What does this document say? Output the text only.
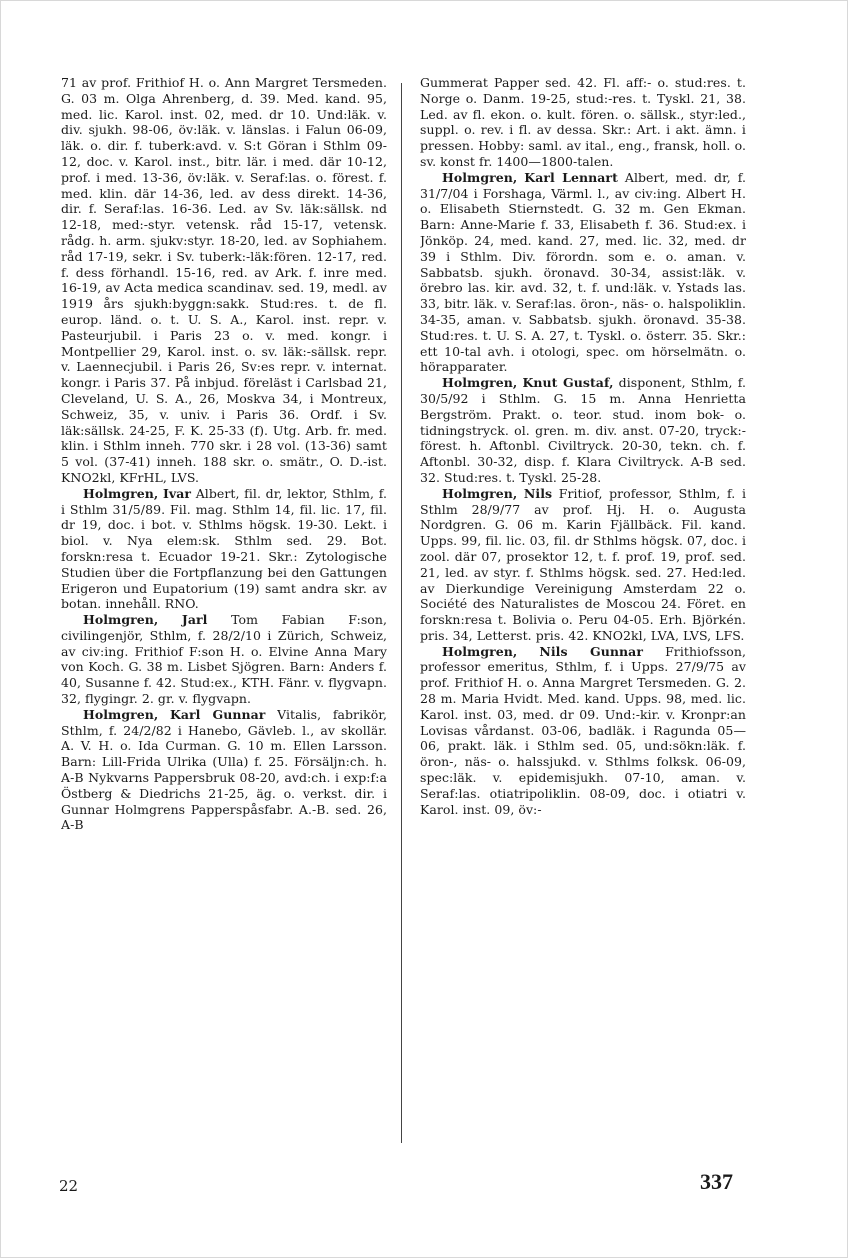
71 av prof. Frithiof H. o. Ann Margret Tersmeden. G. 03 m. Olga Ahrenberg, d. 39. Med. kand. 95, med. lic. Karol. inst. 02, med. dr 10. Und:läk. v. div. sjukh. 98-06, öv:läk. v. länslas. i Falun 06-09, läk. o. dir. f. tuberk:avd. v. S:t Göran i Sthlm 09-12, doc. v. Karol. inst., bitr. lär. i med. där 10-12, prof. i med. 13-36, öv:läk. v. Seraf:las. o. förest. f. med. klin. där 14-36, led. av dess direkt. 14-36, dir. f. Seraf:las. 16-36. Led. av Sv. läk:sällsk. nd 12-18, med:-styr. vetensk. råd 15-17, vetensk. rådg. h. arm. sjukv:styr. 18-20, led. av Sophiahem. råd 17-19, sekr. i Sv. tuberk:-läk:fören. 12-17, red. f. dess förhandl. 15-16, red. av Ark. f. inre med. 16-19, av Acta medica scandinav. sed. 19, medl. av 1919 års sjukh:byggn:sakk. Stud:res. t. de fl. europ. länd. o. t. U. S. A., Karol. inst. repr. v. Pasteurjubil. i Paris 23 o. v. med. kongr. i Montpellier 29, Karol. inst. o. sv. läk:-sällsk. repr. v. Laennecjubil. i Paris 26, Sv:es repr. v. internat. kongr. i Paris 37. På inbjud. föreläst i Carlsbad 21, Cleveland, U. S. A., 26, Moskva 34, i Montreux, Schweiz, 35, v. univ. i Paris 36. Ordf. i Sv. läk:sällsk. 24-25, F. K. 25-33 (f). Utg. Arb. fr. med. klin. i Sthlm inneh. 770 skr. i 28 vol. (13-36) samt 5 vol. (37-41) inneh. 188 skr. o. smätr., O. D.-ist. KNO2kl, KFrHL, LVS.

Holmgren, Ivar Albert, fil. dr, lektor, Sthlm, f. i Sthlm 31/5/89. Fil. mag. Sthlm 14, fil. lic. 17, fil. dr 19, doc. i bot. v. Sthlms högsk. 19-30. Lekt. i biol. v. Nya elem:sk. Sthlm sed. 29. Bot. forskn:resa t. Ecuador 19-21. Skr.: Zytologische Studien über die Fortpflanzung bei den Gattungen Erigeron und Eupatorium (19) samt andra skr. av botan. innehåll. RNO.

Holmgren, Jarl Tom Fabian F:son, civilingenjör, Sthlm, f. 28/2/10 i Zürich, Schweiz, av civ:ing. Frithiof F:son H. o. Elvine Anna Mary von Koch. G. 38 m. Lisbet Sjögren. Barn: Anders f. 40, Susanne f. 42. Stud:ex., KTH. Fänr. v. flygvapn. 32, flygingr. 2. gr. v. flygvapn.

Holmgren, Karl Gunnar Vitalis, fabrikör, Sthlm, f. 24/2/82 i Hanebo, Gävleb. l., av skollär. A. V. H. o. Ida Curman. G. 10 m. Ellen Larsson. Barn: Lill-Frida Ulrika (Ulla) f. 25. Försäljn:ch. h. A-B Nykvarns Pappersbruk 08-20, avd:ch. i exp:f:a Östberg & Diedrichs 21-25, äg. o. verkst. dir. i Gunnar Holmgrens Papperspåsfabr. A.-B. sed. 26, A-B

Gummerat Papper sed. 42. Fl. aff:- o. stud:res. t. Norge o. Danm. 19-25, stud:-res. t. Tyskl. 21, 38. Led. av fl. ekon. o. kult. fören. o. sällsk., styr:led., suppl. o. rev. i fl. av dessa. Skr.: Art. i akt. ämn. i pressen. Hobby: saml. av ital., eng., fransk, holl. o. sv. konst fr. 1400—1800-talen.

Holmgren, Karl Lennart Albert, med. dr, f. 31/7/04 i Forshaga, Värml. l., av civ:ing. Albert H. o. Elisabeth Stiernstedt. G. 32 m. Gen Ekman. Barn: Anne-Marie f. 33, Elisabeth f. 36. Stud:ex. i Jönköp. 24, med. kand. 27, med. lic. 32, med. dr 39 i Sthlm. Div. förordn. som e. o. aman. v. Sabbatsb. sjukh. öronavd. 30-34, assist:läk. v. örebro las. kir. avd. 32, t. f. und:läk. v. Ystads las. 33, bitr. läk. v. Seraf:las. öron-, näs- o. halspoliklin. 34-35, aman. v. Sabbatsb. sjukh. öronavd. 35-38. Stud:res. t. U. S. A. 27, t. Tyskl. o. österr. 35. Skr.: ett 10-tal avh. i otologi, spec. om hörselmätn. o. hörapparater.

Holmgren, Knut Gustaf, disponent, Sthlm, f. 30/5/92 i Sthlm. G. 15 m. Anna Henrietta Bergström. Prakt. o. teor. stud. inom bok- o. tidningstryck. ol. gren. m. div. anst. 07-20, tryck:-förest. h. Aftonbl. Civiltryck. 20-30, tekn. ch. f. Aftonbl. 30-32, disp. f. Klara Civiltryck. A-B sed. 32. Stud:res. t. Tyskl. 25-28.

Holmgren, Nils Fritiof, professor, Sthlm, f. i Sthlm 28/9/77 av prof. Hj. H. o. Augusta Nordgren. G. 06 m. Karin Fjällbäck. Fil. kand. Upps. 99, fil. lic. 03, fil. dr Sthlms högsk. 07, doc. i zool. där 07, prosektor 12, t. f. prof. 19, prof. sed. 21, led. av styr. f. Sthlms högsk. sed. 27. Hed:led. av Dierkundige Vereinigung Amsterdam 22 o. Société des Naturalistes de Moscou 24. Föret. en forskn:resa t. Bolivia o. Peru 04-05. Erh. Björkén. pris. 34, Letterst. pris. 42. KNO2kl, LVA, LVS, LFS.

Holmgren, Nils Gunnar Frithiofsson, professor emeritus, Sthlm, f. i Upps. 27/9/75 av prof. Frithiof H. o. Anna Margret Tersmeden. G. 2. 28 m. Maria Hvidt. Med. kand. Upps. 98, med. lic. Karol. inst. 03, med. dr 09. Und:-kir. v. Kronpr:an Lovisas vårdanst. 03-06, badläk. i Ragunda 05—06, prakt. läk. i Sthlm sed. 05, und:sökn:läk. f. öron-, näs- o. halssjukd. v. Sthlms folksk. 06-09, spec:läk. v. epidemisjukh. 07-10, aman. v. Seraf:las. otiatripoliklin. 08-09, doc. i otiatri v. Karol. inst. 09, öv:-

22	337
